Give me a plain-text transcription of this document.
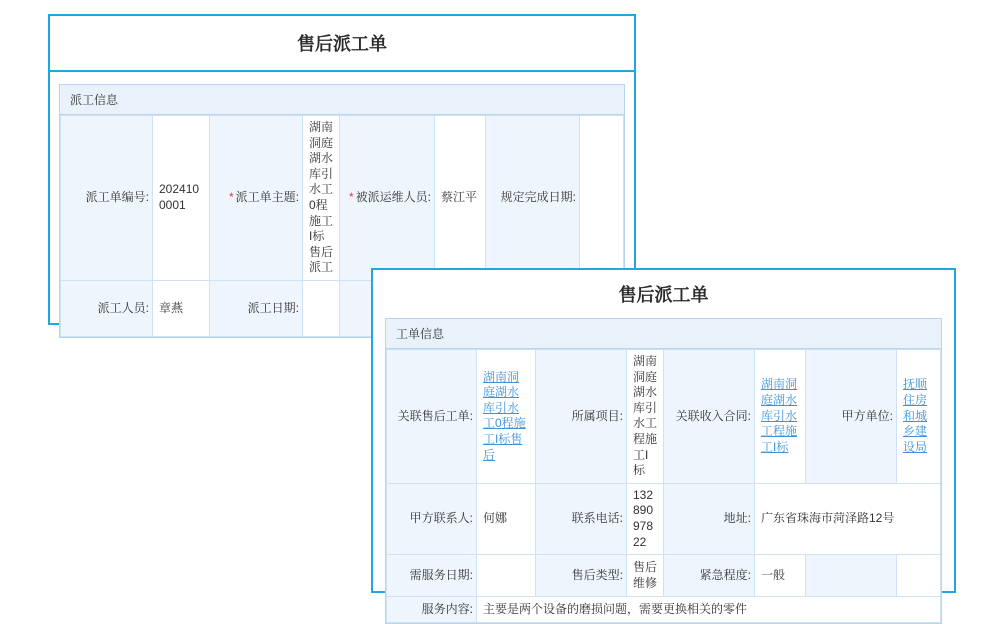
售后派工单
派工信息
派工单编号:	2024100001	* 派工单主题:	湖南洞庭湖水库引水工0程施工I标售后派工	* 被派运维人员:	蔡江平	规定完成日期:	
派工人员:	章燕	派工日期:					
售后派工单
工单信息
关联售后工单:	湖南洞庭湖水库引水工0程施工I标售后	所属项目:	湖南洞庭湖水库引水工程施工I标	关联收入合同:	湖南洞庭湖水库引水工程施工I标	甲方单位:	抚顺住房和城乡建设局
甲方联系人:	何娜	联系电话:	13289097822	地址:	广东省珠海市菏泽路12号		
需服务日期:		售后类型:	售后维修	紧急程度:	一般		
服务内容:	主要是两个设备的磨损问题，需要更换相关的零件						
